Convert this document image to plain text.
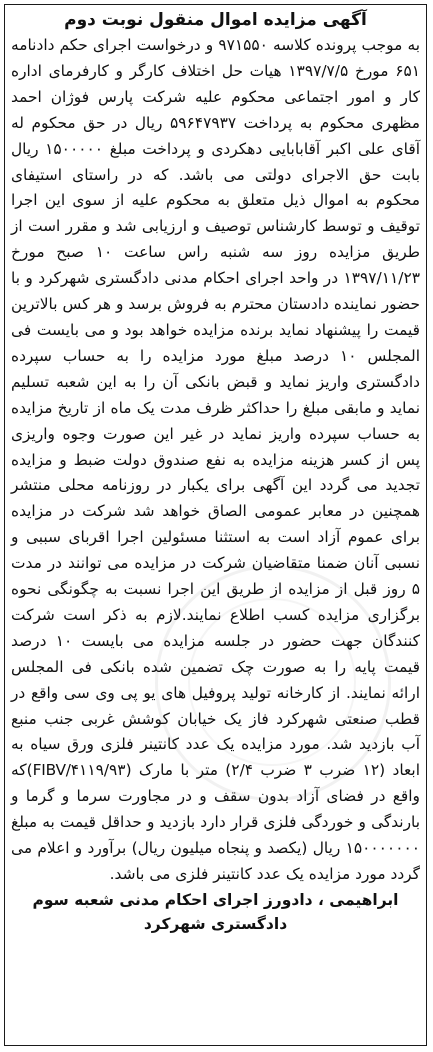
آگهی مزایده اموال منقول نوبت دوم

به موجب پرونده کلاسه ۹۷۱۵۵۰ و درخواست اجرای حکم دادنامه ۶۵۱ مورخ ۱۳۹۷/۷/۵ هیات حل اختلاف کارگر و کارفرمای اداره کار و امور اجتماعی محکوم علیه شرکت پارس فوژان احمد مظهری محکوم به پرداخت ۵۹۶۴۷۹۳۷ ریال در حق محکوم له آقای علی اکبر آقابابایی دهکردی و پرداخت مبلغ ۱۵۰۰۰۰۰ ریال بابت حق الاجرای دولتی می باشد. که در راستای استیفای محکوم به اموال ذیل متعلق به محکوم علیه از سوی این اجرا توقیف و توسط کارشناس توصیف و ارزیابی شد و مقرر است از طریق مزایده روز سه شنبه راس ساعت ۱۰ صبح مورخ ۱۳۹۷/۱۱/۲۳ در واحد اجرای احکام مدنی دادگستری شهرکرد و با حضور نماینده دادستان محترم به فروش برسد و هر کس بالاترین قیمت را پیشنهاد نماید برنده مزایده خواهد بود و می بایست فی المجلس ۱۰ درصد مبلغ مورد مزایده را به حساب سپرده دادگستری واریز نماید و قبض بانکی آن را به این شعبه تسلیم نماید و مابقی مبلغ را حداکثر ظرف مدت یک ماه از تاریخ مزایده به حساب سپرده واریز نماید در غیر این صورت وجوه واریزی پس از کسر هزینه مزایده به نفع صندوق دولت ضبط و مزایده تجدید می گردد این آگهی برای یکبار در روزنامه محلی منتشر همچنین در معابر عمومی الصاق خواهد شد شرکت در مزایده برای عموم آزاد است به استثنا مسئولین اجرا اقربای سببی و نسبی آنان ضمنا متقاضیان شرکت در مزایده می توانند در مدت ۵ روز قبل از مزایده از طریق این اجرا نسبت به چگونگی نحوه برگزاری مزایده کسب اطلاع نمایند.لازم به ذکر است شرکت کنندگان جهت حضور در جلسه مزایده می بایست ۱۰ درصد قیمت پایه را به صورت چک تضمین شده بانکی فی المجلس ارائه نمایند. از کارخانه تولید پروفیل های یو پی وی سی واقع در قطب صنعتی شهرکرد فاز یک خیابان کوشش غربی جنب منبع آب بازدید شد. مورد مزایده یک عدد کانتینر فلزی ورق سیاه به ابعاد (۱۲ ضرب ۳ ضرب ۲/۴) متر با مارک (FIBV/۴۱۱۹/۹۳)که واقع در فضای آزاد بدون سقف و در مجاورت سرما و گرما و بارندگی و خوردگی فلزی قرار دارد بازدید و حداقل قیمت به مبلغ ۱۵۰۰۰۰۰۰۰ ریال (یکصد و پنجاه میلیون ریال) برآورد و اعلام می گردد مورد مزایده یک عدد کانتینر فلزی می باشد.

ابراهیمی ، دادورز اجرای احکام مدنی شعبه سوم

دادگستری شهرکرد
